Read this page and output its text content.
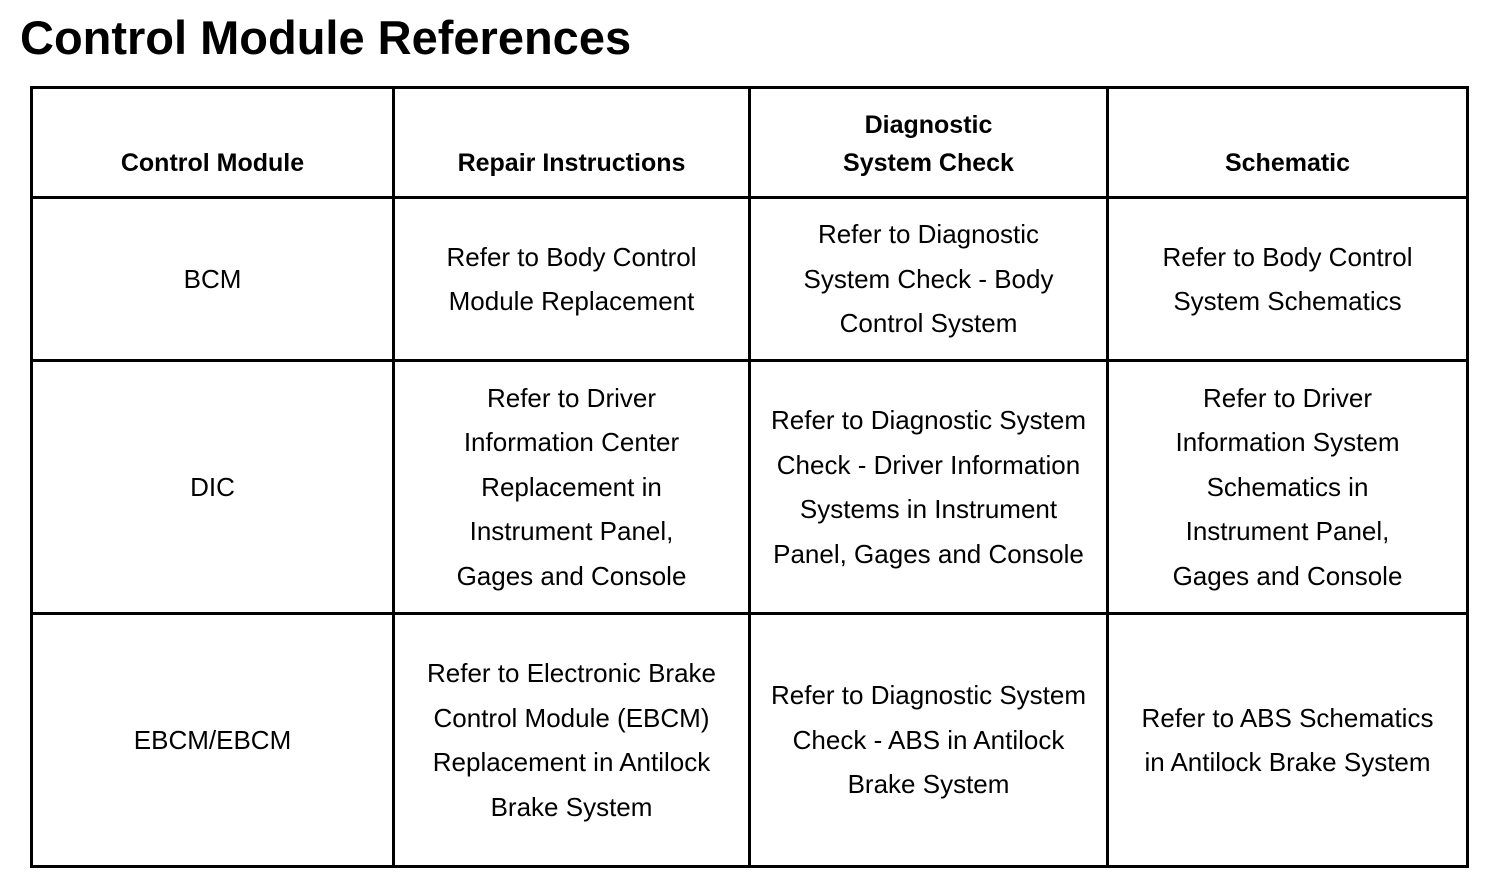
Control Module References
Control Module	Repair Instructions	Diagnostic System Check	Schematic
BCM	Refer to Body Control Module Replacement	Refer to Diagnostic System Check - Body Control System	Refer to Body Control System Schematics
DIC	Refer to Driver Information Center Replacement in Instrument Panel, Gages and Console	Refer to Diagnostic System Check - Driver Information Systems in Instrument Panel, Gages and Console	Refer to Driver Information System Schematics in Instrument Panel, Gages and Console
EBCM/EBCM	Refer to Electronic Brake Control Module (EBCM) Replacement in Antilock Brake System	Refer to Diagnostic System Check - ABS in Antilock Brake System	Refer to ABS Schematics in Antilock Brake System
